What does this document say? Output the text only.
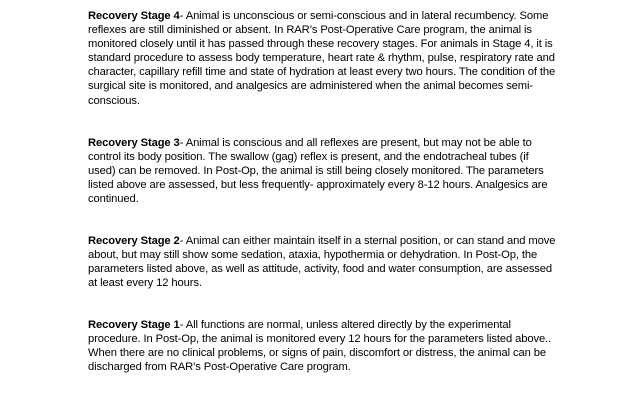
Recovery Stage 4- Animal is unconscious or semi-conscious and in lateral recumbency. Some reflexes are still diminished or absent. In RAR’s Post-Operative Care program, the animal is monitored closely until it has passed through these recovery stages. For animals in Stage 4, it is standard procedure to assess body temperature, heart rate & rhythm, pulse, respiratory rate and character, capillary refill time and state of hydration at least every two hours. The condition of the surgical site is monitored, and analgesics are administered when the animal becomes semi-conscious.

Recovery Stage 3- Animal is conscious and all reflexes are present, but may not be able to control its body position. The swallow (gag) reflex is present, and the endotracheal tubes (if used) can be removed. In Post-Op, the animal is still being closely monitored. The parameters listed above are assessed, but less frequently- approximately every 8-12 hours. Analgesics are continued.

Recovery Stage 2- Animal can either maintain itself in a sternal position, or can stand and move about, but may still show some sedation, ataxia, hypothermia or dehydration. In Post-Op, the parameters listed above, as well as attitude, activity, food and water consumption, are assessed at least every 12 hours.

Recovery Stage 1- All functions are normal, unless altered directly by the experimental procedure. In Post-Op, the animal is monitored every 12 hours for the parameters listed above.. When there are no clinical problems, or signs of pain, discomfort or distress, the animal can be discharged from RAR’s Post-Operative Care program.
